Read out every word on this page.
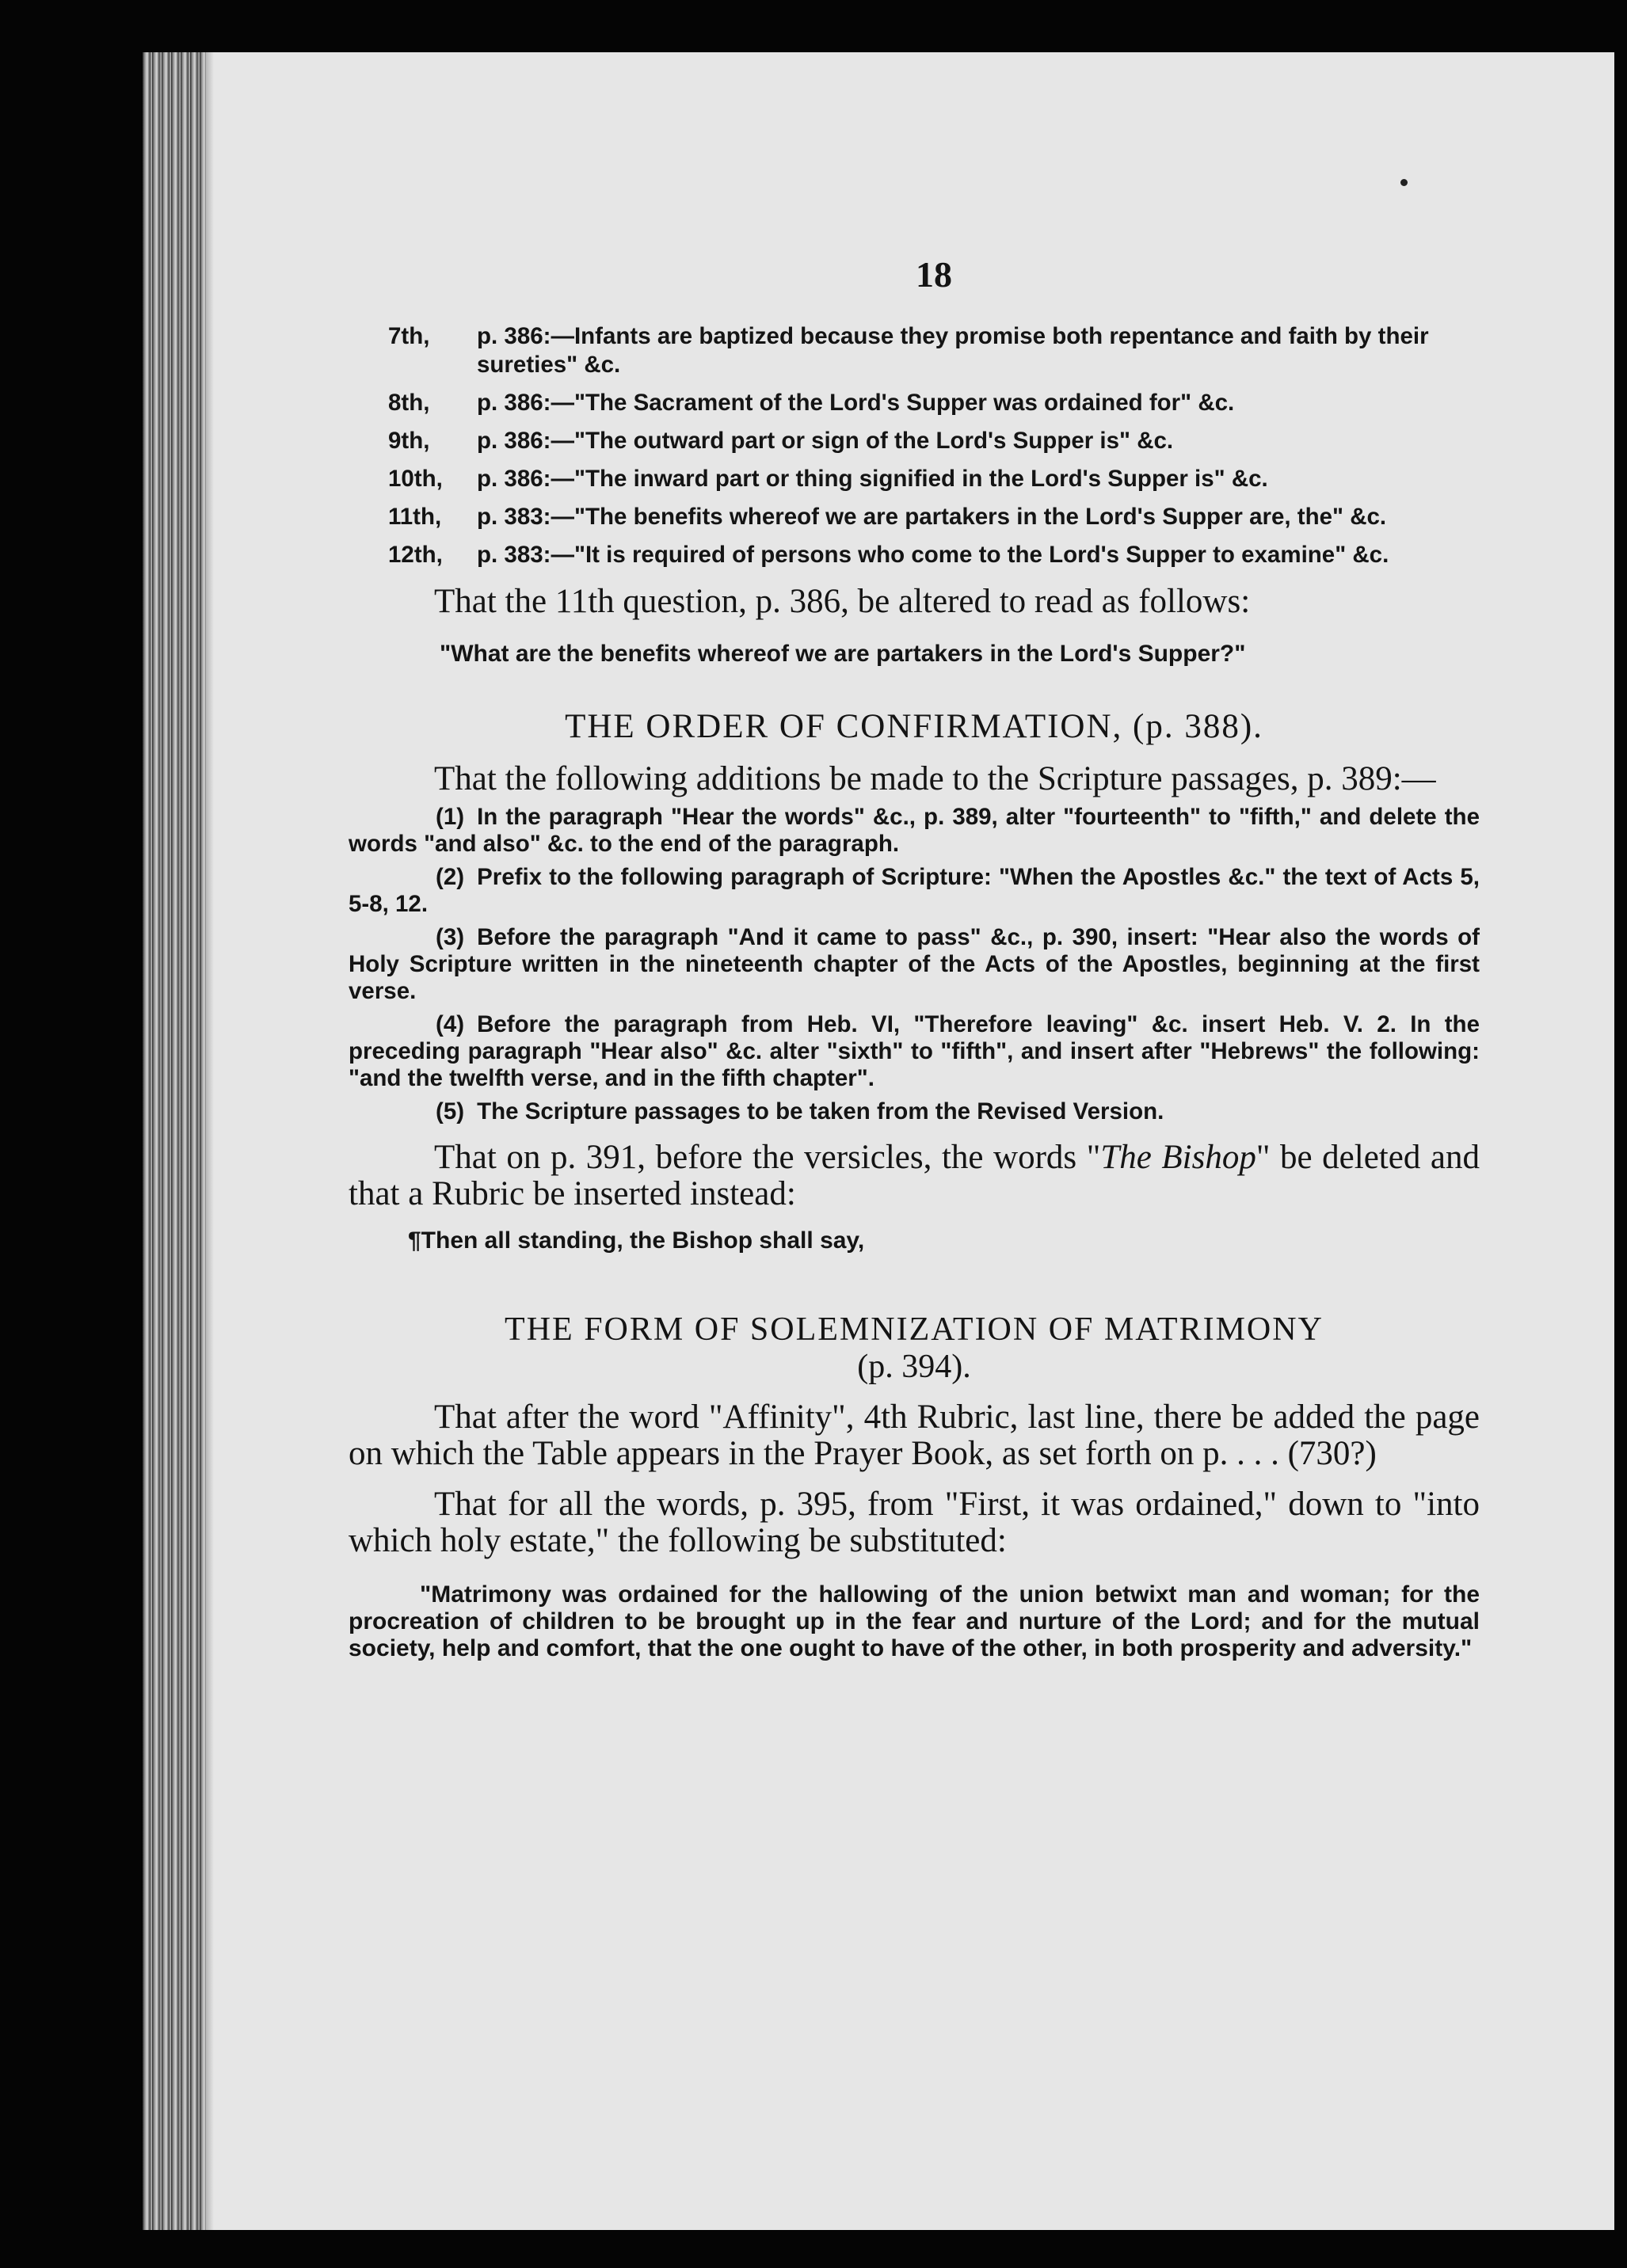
18
7th, p. 386:—Infants are baptized because they promise both repentance and faith by their sureties" &c.
8th, p. 386:—"The Sacrament of the Lord's Supper was ordained for" &c.
9th, p. 386:—"The outward part or sign of the Lord's Supper is" &c.
10th, p. 386:—"The inward part or thing signified in the Lord's Supper is" &c.
11th, p. 383:—"The benefits whereof we are partakers in the Lord's Supper are, the" &c.
12th, p. 383:—"It is required of persons who come to the Lord's Supper to examine" &c.
That the 11th question, p. 386, be altered to read as follows:
"What are the benefits whereof we are partakers in the Lord's Supper?"
THE ORDER OF CONFIRMATION, (p. 388).
That the following additions be made to the Scripture passages, p. 389:—
(1) In the paragraph "Hear the words" &c., p. 389, alter "fourteenth" to "fifth," and delete the words "and also" &c. to the end of the paragraph.
(2) Prefix to the following paragraph of Scripture: "When the Apostles &c." the text of Acts 5, 5-8, 12.
(3) Before the paragraph "And it came to pass" &c., p. 390, insert: "Hear also the words of Holy Scripture written in the nineteenth chapter of the Acts of the Apostles, beginning at the first verse.
(4) Before the paragraph from Heb. VI, "Therefore leaving" &c. insert Heb. V. 2. In the preceding paragraph "Hear also" &c. alter "sixth" to "fifth", and insert after "Hebrews" the following: "and the twelfth verse, and in the fifth chapter".
(5) The Scripture passages to be taken from the Revised Version.
That on p. 391, before the versicles, the words "The Bishop" be deleted and that a Rubric be inserted instead:
¶Then all standing, the Bishop shall say,
THE FORM OF SOLEMNIZATION OF MATRIMONY
(p. 394).
That after the word "Affinity", 4th Rubric, last line, there be added the page on which the Table appears in the Prayer Book, as set forth on p. . . . (730?)
That for all the words, p. 395, from "First, it was ordained," down to "into which holy estate," the following be substituted:
"Matrimony was ordained for the hallowing of the union betwixt man and woman; for the procreation of children to be brought up in the fear and nurture of the Lord; and for the mutual society, help and comfort, that the one ought to have of the other, in both prosperity and adversity."
